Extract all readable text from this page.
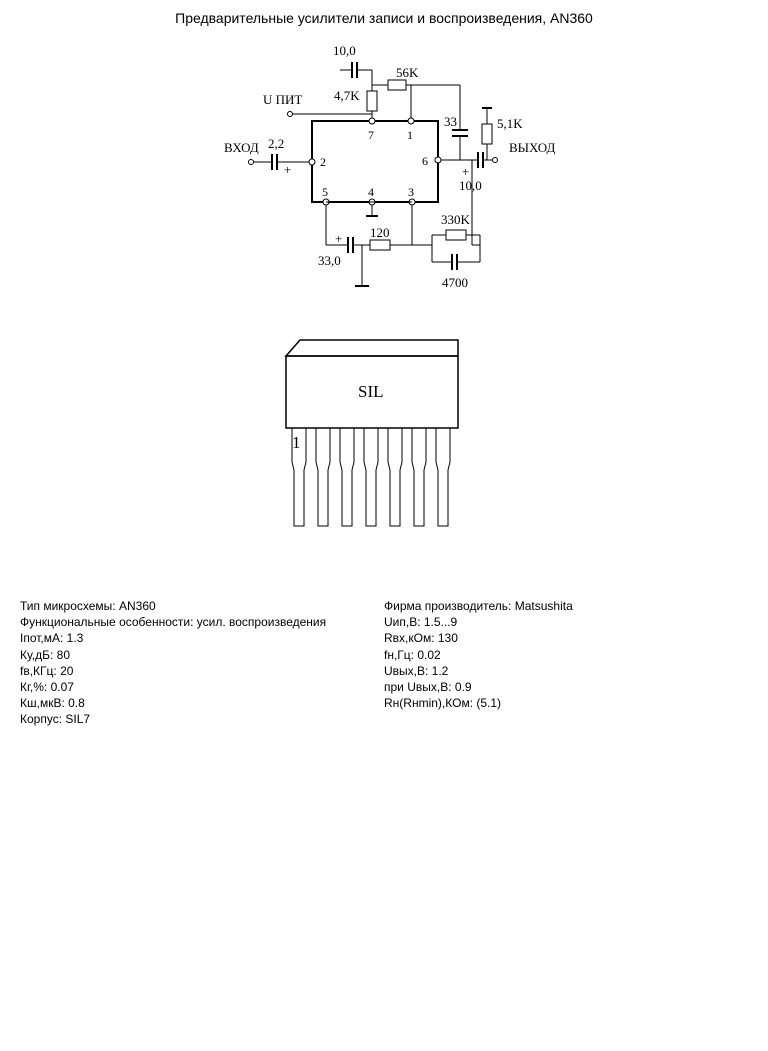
Предварительные усилители записи и воспроизведения, AN360
10,0
56K
4,7K
U ПИТ
33	5,1K
ВХОД 2,2
+
ВЫХОД
+
10,0
330K
120
+
33,0
4700
7	1
2	6
5	4	3
SIL
1
Тип микросхемы: AN360
Функциональные особенности: усил. воспроизведения
Iпот,мА: 1.3
Ку,дБ: 80
fв,КГц: 20
Кг,%: 0.07
Кш,мкВ: 0.8
Корпус: SIL7
Фирма производитель: Matsushita
Uип,В: 1.5...9
Rвх,кОм: 130
fн,Гц: 0.02
Uвых,В: 1.2
при Uвых,В: 0.9
Rн(Rнmin),КОм: (5.1)
